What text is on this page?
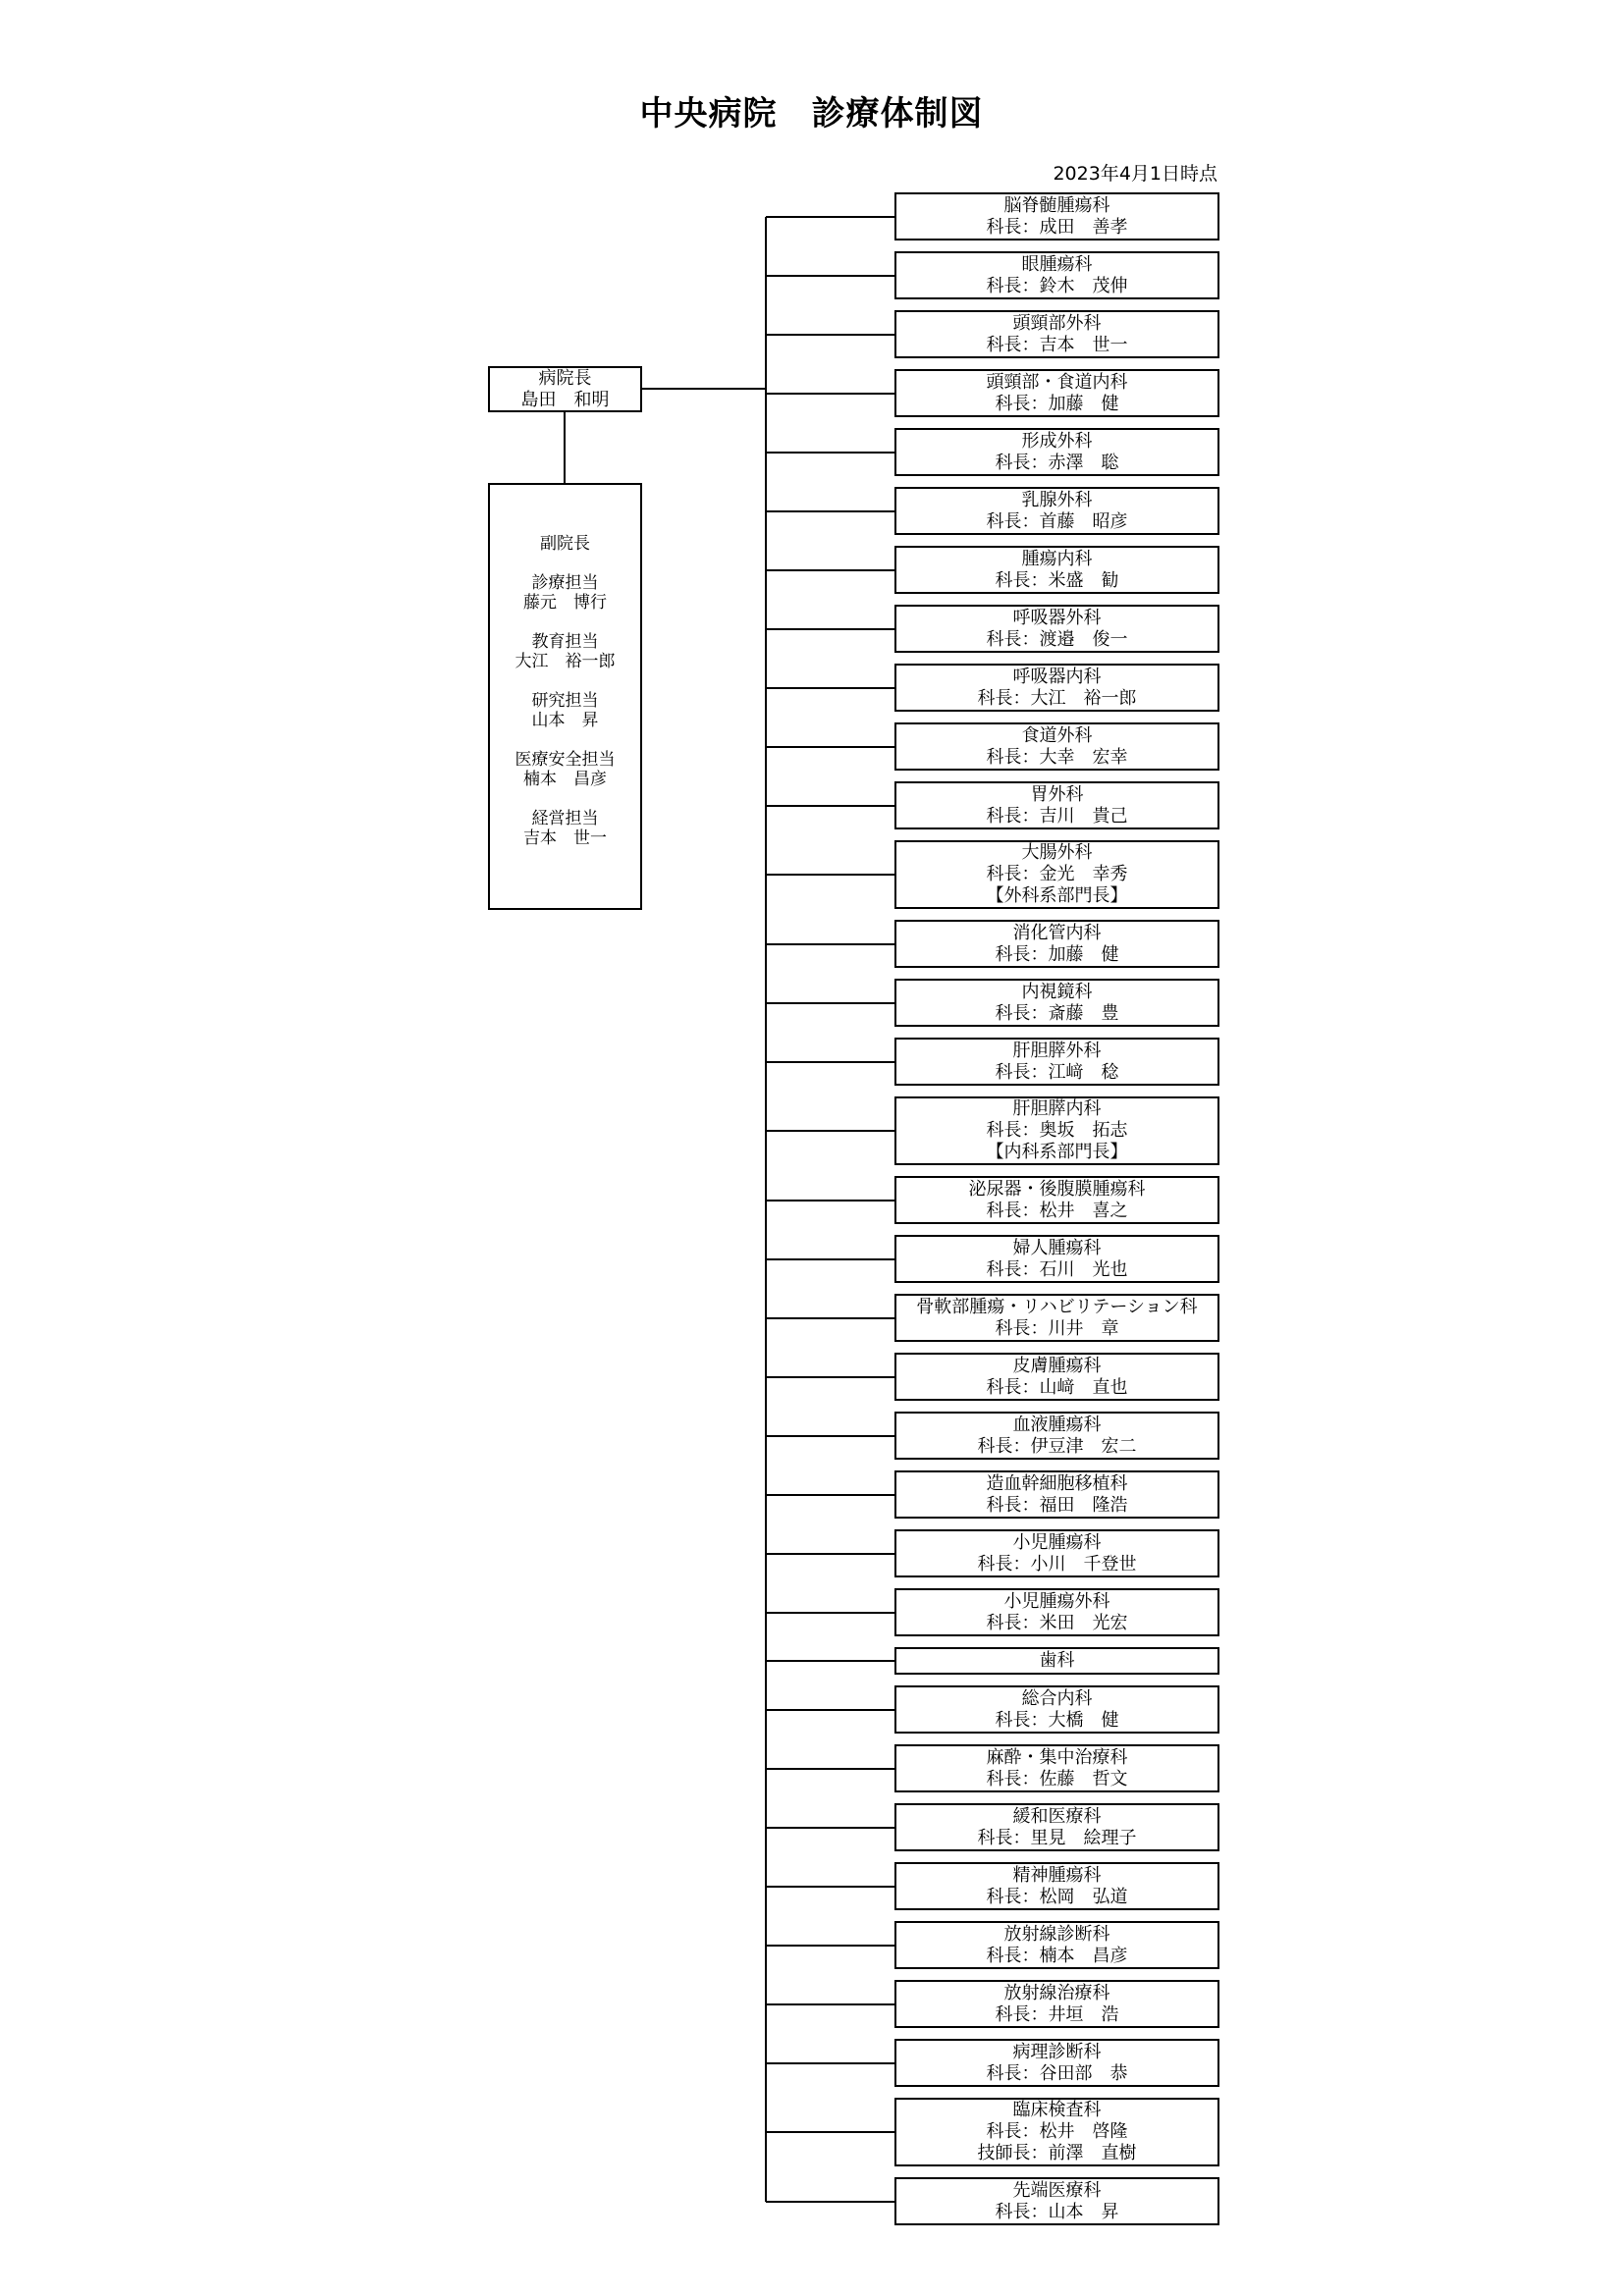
中央病院　診療体制図
2023年4月1日時点
病院長
島田　和明
副院長
診療担当
藤元　博行
教育担当
大江　裕一郎
研究担当
山本　昇
医療安全担当
楠本　昌彦
経営担当
吉本　世一
脳脊髄腫瘍科
科長：成田　善孝
眼腫瘍科
科長：鈴木　茂伸
頭頸部外科
科長：吉本　世一
頭頸部・食道内科
科長：加藤　健
形成外科
科長：赤澤　聡
乳腺外科
科長：首藤　昭彦
腫瘍内科
科長：米盛　勧
呼吸器外科
科長：渡邉　俊一
呼吸器内科
科長：大江　裕一郎
食道外科
科長：大幸　宏幸
胃外科
科長：吉川　貴己
大腸外科
科長：金光　幸秀
【外科系部門長】
消化管内科
科長：加藤　健
内視鏡科
科長：斎藤　豊
肝胆膵外科
科長：江﨑　稔
肝胆膵内科
科長：奥坂　拓志
【内科系部門長】
泌尿器・後腹膜腫瘍科
科長：松井　喜之
婦人腫瘍科
科長：石川　光也
骨軟部腫瘍・リハビリテーション科
科長：川井　章
皮膚腫瘍科
科長：山﨑　直也
血液腫瘍科
科長：伊豆津　宏二
造血幹細胞移植科
科長：福田　隆浩
小児腫瘍科
科長：小川　千登世
小児腫瘍外科
科長：米田　光宏
歯科
総合内科
科長：大橋　健
麻酔・集中治療科
科長：佐藤　哲文
緩和医療科
科長：里見　絵理子
精神腫瘍科
科長：松岡　弘道
放射線診断科
科長：楠本　昌彦
放射線治療科
科長：井垣　浩
病理診断科
科長：谷田部　恭
臨床検査科
科長：松井　啓隆
技師長：前澤　直樹
先端医療科
科長：山本　昇
